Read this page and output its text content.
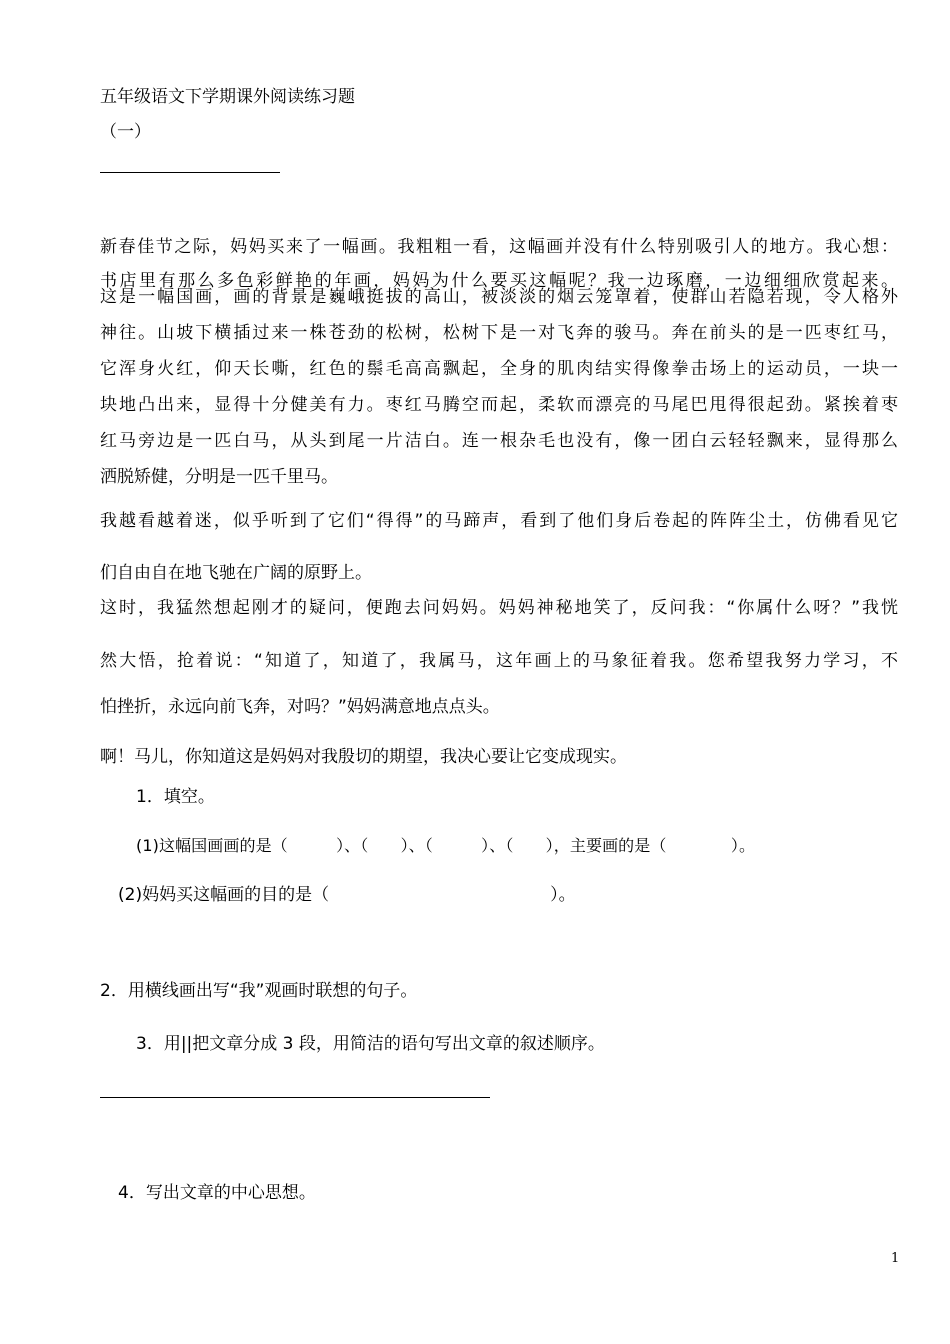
五年级语文下学期课外阅读练习题
（一）
新春佳节之际，妈妈买来了一幅画。我粗粗一看，这幅画并没有什么特别吸引人的地方。我心想：
书店里有那么多色彩鲜艳的年画，妈妈为什么要买这幅呢？我一边琢磨，一边细细欣赏起来。
这是一幅国画，画的背景是巍峨挺拔的高山，被淡淡的烟云笼罩着，使群山若隐若现，令人格外
神往。山坡下横插过来一株苍劲的松树，松树下是一对飞奔的骏马。奔在前头的是一匹枣红马，
它浑身火红，仰天长嘶，红色的鬃毛高高飘起，全身的肌肉结实得像拳击场上的运动员，一块一
块地凸出来，显得十分健美有力。枣红马腾空而起，柔软而漂亮的马尾巴甩得很起劲。紧挨着枣
红马旁边是一匹白马，从头到尾一片洁白。连一根杂毛也没有，像一团白云轻轻飘来，显得那么
洒脱矫健，分明是一匹千里马。
我越看越着迷，似乎听到了它们“得得”的马蹄声，看到了他们身后卷起的阵阵尘土，仿佛看见它
们自由自在地飞驰在广阔的原野上。
这时，我猛然想起刚才的疑问，便跑去问妈妈。妈妈神秘地笑了，反问我：“你属什么呀？”我恍
然大悟，抢着说：“知道了，知道了，我属马，这年画上的马象征着我。您希望我努力学习，不
怕挫折，永远向前飞奔，对吗？”妈妈满意地点点头。
啊！马儿，你知道这是妈妈对我殷切的期望，我决心要让它变成现实。
1．填空。
(1)这幅国画画的是（　　　）、（　　）、（　　　）、（　　），主要画的是（　　　　）。
(2)妈妈买这幅画的目的是（　　　　　　　　　　　　　）。
2．用横线画出写“我”观画时联想的句子。
3．用||把文章分成 3 段，用简洁的语句写出文章的叙述顺序。
4．写出文章的中心思想。
1
